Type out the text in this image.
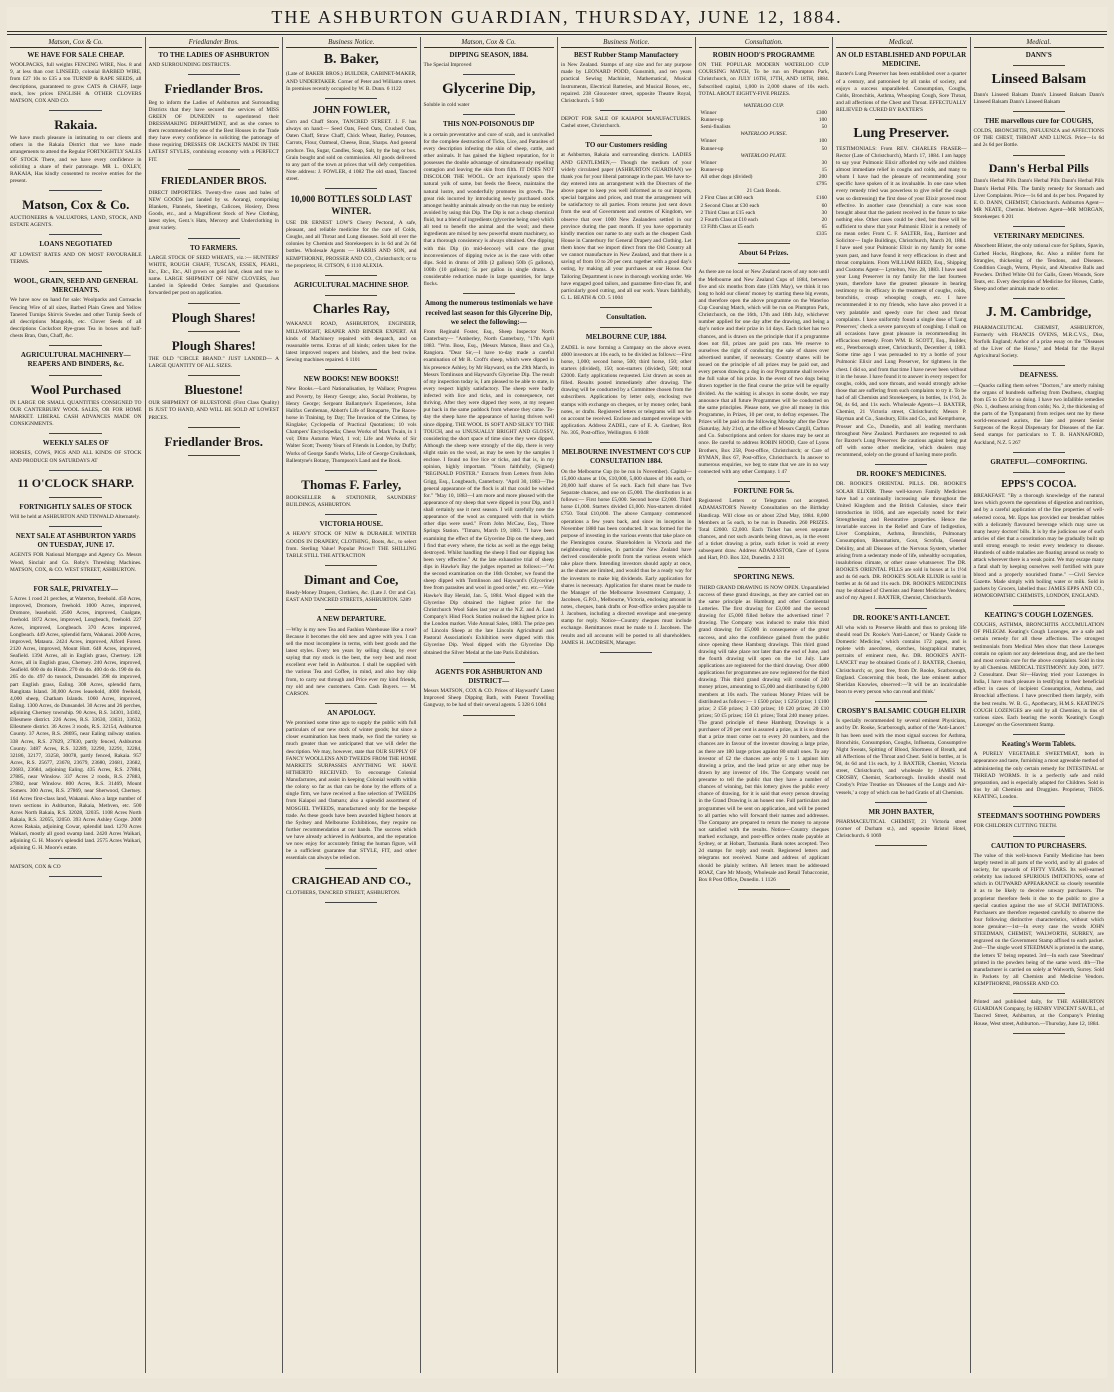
THE ASHBURTON GUARDIAN, THURSDAY, JUNE 12, 1884.
Matson, Cox & Co.
WE HAVE FOR SALE CHEAP.

WOOLPACKS, full weights FENCING WIRE, Nos. 8 and 9, at less than cost LINSEED, colonial BARBED WIRE, from £27 10s to £35 a ton TURNIP & RAPE SEEDS, all descriptions, guaranteed to grow CATS & CHAFF, large stock, low prices ENGLISH & OTHER CLOVERS MATSON, COX AND CO.

Rakaia.

We have much pleasure in intimating to our clients and others in the Rakaia District that we have made arrangements to attend the Regular FORTNIGHTLY SALES OF STOCK There, and we have every confidence in soliciting a share of their patronage. MR L. OXLEY, RAKAIA, Has kindly consented to receive entries for the present.

Matson, Cox & Co.

AUCTIONEERS & VALUATORS, LAND, STOCK, AND ESTATE AGENTS.

LOANS NEGOTIATED

AT LOWEST RATES AND ON MOST FAVOURABLE TERMS.

WOOL, GRAIN, SEED AND GENERAL MERCHANTS.

We have now on hand for sale: Woolpacks and Cornsacks Fencing Wire of all sizes, Barbed Plain Green and Yellow Tanered Turnips Shirvis Swedes and other Turnip Seeds of all descriptions Mangolds, etc. Clover Seeds of all descriptions Cocksfoot Rye-grass Tea in boxes and half-chests Bran, Oats, Chaff, &c.

AGRICULTURAL MACHINERY— REAPERS AND BINDERS, &c.
Wool Purchased

IN LARGE OR SMALL QUANTITIES CONSIGNED TO OUR CANTERBURY WOOL SALES, OR FOR HOME MARKET. LIBERAL CASH ADVANCES MADE ON CONSIGNMENTS.

WEEKLY SALES OF

HORSES, COWS, PIGS AND ALL KINDS OF STOCK AND PRODUCE ON SATURDAYS AT

11 O'CLOCK SHARP.
FORTNIGHTLY SALES OF STOCK

Will be held at ASHBURTON AND TINWALD Alternately.

NEXT SALE AT ASHBURTON YARDS ON TUESDAY, JUNE 17.

AGENTS FOR National Mortgage and Agency Co. Messrs Wood, Sinclair and Co. Roby's Threshing Machines. MATSON, COX, & CO. WEST STREET, ASHBURTON.

FOR SALE, PRIVATELY—

5 Acres 1 rood 21 perches, at Waterton, freehold. 450 Acres, improved, Dromore, freehold. 1000 Acres, improved, Dromore, leasehold. 2500 Acres, improved, Coalgate, freehold. 1872 Acres, improved, Longbeach, freehold. 227 Acres, improved, Longbeach. 370 Acres improved, Longbeach. 449 Acres, splendid farm, Wakanui. 2000 Acres, improved, Mataura. 2424 Acres, improved, Alford Forest. 2120 Acres, improved, Mount Hutt. 648 Acres, improved, Seafield. 1394 Acres, all in English grass, Chertsey. 128 Acres, all in English grass, Chertsey. 240 Acres, improved, Seafield. 600 do do Hinds. 270 do do. 400 do do. 190 do do. 265 do do. 497 do tussock, Dunsandel. 398 do improved, part English grass, Ealing. 308 Acres, splendid farm, Rangitata Island. 30,000 Acres leasehold, 4000 freehold, 4,000 sheep, Chatham Islands. 1060 Acres, improved, Ealing. 1300 Acres, do Dunsandel. 30 Acres and 26 perches, adjoining Chertsey township. 90 Acres, R.S. 34301, 34302, Ellesmere district. 226 Acres, R.S. 33630, 33631, 33632, Ellesmere district. 36 Acres 3 roods, R.S. 32154, Ashburton County. 37 Acres, R.S. 28695, near Ealing railway station. 338 Acres, R.S. 27829, 27830, partly fenced, Ashburton County. 3487 Acres, R.S. 32289, 32290, 32291, 32284, 32186, 32177, 33258, 30078, partly fenced, Rakaia. 957 Acres, R.S. 25677, 23678, 23679, 23680, 23681, 23682, 23683, 23684, adjoining Ealing. 435 Acres, R.S. 27884, 27885, near Winslow. 337 Acres 2 roods, R.S. 27883, 27882, near Winslow. 800 Acres, R.S. 31469, Mount Somers. 300 Acres, R.S. 27869, near Sherwood, Chertsey. 164 Acres first-class land, Wakanui. Also a large number of town sections in Ashburton, Rakaia, Methven, etc. 500 Acres North Rakaia, R.S. 32028, 32035. 1108 Acres North Rakaia, R.S. 32055, 32050. 393 Acres Ashley Gorge. 2000 Acres Rakaia, adjoining Cowar, splendid land. 1270 Acres Waikari, mostly all good swamp land. 2420 Acres Waikari, adjoining G. H. Moore's splendid land. 2575 Acres Waikari, adjoining G. H. Moore's estate.

MATSON, COX & CO

Friedlander Bros.
TO THE LADIES OF ASHBURTON

AND SURROUNDING DISTRICTS.

Friedlander Bros.

Beg to inform the Ladies of Ashburton and Surrounding Districts that they have secured the services of MISS GREEN OF DUNEDIN to superintend their DRESSMAKING DEPARTMENT, and as she comes to them recommended by one of the Best Houses in the Trade they have every confidence in soliciting the patronage of those requiring DRESSES OR JACKETS MADE IN THE LATEST STYLES, combining economy with a PERFECT FIT.

FRIEDLANDER BROS.

DIRECT IMPORTERS. Twenty-five cases and bales of NEW GOODS just landed by ss. Aorangi, comprising Blankets, Flannels, Sheetings, Calicoes, Hosiery, Dress Goods, etc., and a Magnificent Stock of New Clothing, latest styles, Gent.'s Hats, Mercery and Underclothing in great variety.

TO FARMERS.

LARGE STOCK OF SEED WHEATS, viz.:— HUNTERS' WHITE, ROUGH CHAFF, TUSCAN, ESSEX, PEARL, Etc., Etc., Etc., All grown on gold land, clean and true to name. LARGE SHIPMENT OF NEW CLOVERS, Just Landed in Splendid Order. Samples and Quotations forwarded per post on application.

Plough Shares!
Plough Shares!

THE OLD "CIRCLE BRAND." JUST LANDED— A LARGE QUANTITY OF ALL SIZES.

Bluestone!

OUR SHIPMENT OF BLUESTONE (First Class Quality) IS JUST TO HAND, AND WILL BE SOLD AT LOWEST PRICES.

Friedlander Bros.
Business Notice.
B. Baker,

(Late of BAKER BROS.) BUILDER, CABINET-MAKER, AND UNDERTAKER. Corner of Peter and Williams street. In premises recently occupied by W. B. Dunn. 6 1122

JOHN FOWLER,

Corn and Chaff Store, TANCRED STREET. J. F. has always on hand:— Seed Oats, Feed Oats, Crushed Oats, Oaten Chaff, Straw Chaff, Chick Wheat, Barley, Potatoes, Carrots, Flour, Oatmeal, Cheese, Bran, Sharps. And general produce. Tea, Sugar, Candles, Soap, Salt, by the bag or box. Grain bought and sold on commission. All goods delivered to any part of the town at prices that will defy competition. Note address: J. FOWLER, d 1082 The old stand, Tancred street.

10,000 BOTTLES SOLD LAST WINTER.

USE DR ERNEST LOW'S Cherry Pectoral, A safe, pleasant, and reliable medicine for the cure of Colds, Coughs, and all Throat and Lung diseases. Sold all over the colonies by Chemists and Storekeepers in 1s 6d and 2s 6d bottles. Wholesale Agents — HARRIS AND SON, and KEMPTHORNE, PROSSER AND CO., Christchurch; or to the proprietor, H. CITSON, 6 1110 ALEXIA.

AGRICULTURAL MACHINE SHOP.
Charles Ray,

WAKANUI ROAD, ASHBURTON, ENGINEER, MILLWRIGHT, REAPER AND BINDER EXPERT. All kinds of Machinery repaired with despatch, and on reasonable terms. Extras of all kinds; orders taken for the latest improved reapers and binders, and the best twine. Sewing machines repaired. 6 1101

NEW BOOKS! NEW BOOKS!!

New Books.—Lord Nationalisation, by Wallace; Progress and Poverty, by Henry George; also, Social Problems, by Henry George; Sergeant Ballantyne's Experiences, John Halifax Gentleman, Abbott's Life of Bonaparte, The Races-horse in Training, by Day; The Invasion of the Crimea, by Kinglake; Cyclopedia of Practical Quotations; 10 vols Champers' Encyclopedia; Chess Works of Mark Twain, in 1 vol; Ditto Autumn Ward, 1 vol; Life and Works of Sir Walter Scott; Twenty Years of Friends in London, by Duffy; Works of George Sand's Works, Life of George Cruikshank, Ballentyne's Botany, Thompson's Land and the Book.

Thomas F. Farley,

BOOKSELLER & STATIONER, SAUNDERS' BUILDINGS, ASHBURTON.

VICTORIA HOUSE.

A HEAVY STOCK OF NEW & DURABLE WINTER GOODS IN DRAPERY, CLOTHING, Boots, &c., to select from. Sterling Value! Popular Prices!! THE SHILLING TABLE STILL THE ATTRACTION

Dimant and Coe,

Ready-Money Drapers, Clothiers, &c. (Late J. Orr and Co). EAST AND TANCRED STREETS, ASHBURTON. 5289

A NEW DEPARTURE.

—Why is my new Tea and Fashion Warehouse like a rose? Because it becomes the old new and agree with you. I can sell the most incomplete in terms, with best goods and the latest styles. Every ten years by selling cheap, by ever saying that my stock is the best, the very best and most excellent ever held in Ashburton. I shall be supplied with the various Tea and Coffee, in mind, and also buy ship from, to carry out through and Price ever my kind friends, my old and new customers. Cam. Cash Buyers. — M. CARSON.

AN APOLOGY.

We promised some time ago to supply the public with full particulars of our new stock of winter goods; but since a closer examination has been made, we find the variety so much greater than we anticipated that we will defer the description. We may, however, state that OUR SUPPLY OF FANCY WOOLLENS AND TWEEDS FROM THE HOME MARKETS SURPASSES ANYTHING WE HAVE HITHERTO RECEIVED. To encourage Colonial Manufactures, and assist in keeping Colonial wealth within the colony so far as that can be done by the efforts of a single firm, we have received a fine selection of TWEEDS from Kaiapoi and Oamaru; also a splendid assortment of MOSGIEL TWEEDS, manufactured only for the bespoke trade. As these goods have been awarded highest honors at the Sydney and Melbourne Exhibitions, they require no further recommendation at our hands. The success which we have already achieved in Ashburton, and the reputation we now enjoy for accurately fitting the human figure, will be a sufficient guarantee that STYLE, FIT, and other essentials can always be relied on.

CRAIGHEAD AND CO.,

CLOTHIERS, TANCRED STREET, ASHBURTON.

Matson, Cox & Co.
DIPPING SEASON, 1884.

The Special Improved

Glycerine Dip,

Soluble in cold water

THIS NON-POISONOUS DIP

is a certain preventative and cure of scab, and is unrivalled for the complete destruction of Ticks, Lice, and Parasites of every description infesting the skin of sheep, cattle, and other animals. It has gained the highest reputation, for it possesses the double advantage of simultaneously repelling contagion and leaving the skin from filth. IT DOES NOT DISCOLOR THE WOOL. Or act injuriously upon the natural yolk of same, but feeds the fleece, maintains the natural lustre, and wonderfully promotes its growth. The great risk incurred by introducing newly purchased stock amongst healthy animals already on the run may be entirely avoided by using this Dip. The Dip is not a cheap chemical fluid, but a blend of ingredients (glycerine being one) which all tend to benefit the animal and the wool; and these ingredients are mixed by new powerful steam machinery, so that a thorough consistency is always obtained. One dipping with this Dip (in mid-decoce) will cure the great inconveniences of dipping twice as is the case with other dips. Sold in drums of 20lb (2 gallons) 50lb (5 gallons), 100lb (10 gallons); 5s per gallon in single drums. A considerable reduction made in large quantities, for large flocks.

Among the numerous testimonials we have received last season for this Glycerine Dip, we select the following:—

From Reginald Foster, Esq., Sheep Inspector North Canterbury— "Amberley, North Canterbury, "17th April 1883. "Wm. Boss, Esq., (Messrs Matson, Buss and Co.), Rangiora. "Dear Sir,—I have to-day made a careful examination of Mr R. Croft's sheep, which were dipped in his presence Ashley, by Mr Hayward, on the 29th March, in Messrs Tomlinson and Hayward's Glycerine Dip. The result of my inspection today is, I am pleased to be able to state, in every respect highly satisfactory. The sheep were badly infected with lice and ticks, and in consequence, not thriving. After they were dipped they were, at my request put back in the same paddock from whence they came. To-day the sheep have the appearance of having thriven well since dipping. THE WOOL IS SOFT AND SILKY TO THE TOUCH, and so UNUSUALLY BRIGHT AND GLOSSY, considering the short space of time since they were dipped. Although the sheep were strongly of the dip, there is very slight stain on the wool, as may be seen by the samples I enclose. I found no live lice or ticks, and that is, in my opinion, highly important. "Yours faithfully, (Signed) "REGINALD FOSTER." Extracts from Letters from John Grigg, Esq., Longbeach, Canterbury. "April 30, 1883—The general appearance of the flock is all that could be wished for." "May 10, 1883—I am more and more pleased with the appearance of my sheep that were dipped in your Dip, and I shall certainly use it next season. I will carefully note the appearance of the wool as compared with that in which other dips were used." From John McCaw, Esq., Three Springs Station. "Timaru, March 19, 1883. "I have been examining the effect of the Glycerine Dip on the sheep, and I find that every where, the ticks as well as the eggs being destroyed. Whilst handling the sheep I find our dipping has been very effective." At the late exhaustive trial of sheep dips in Hawke's Bay the judges reported as follows:—"At the second examination on the 16th October, we found the sheep dipped with Tomlinson and Hayward's (Glycerine) free from parasites and wool in good order," etc. etc.—Vide Hawke's Bay Herald, Jan. 5, 1884. Wool dipped with the Glycerine Dip obtained the highest price for the Christchurch Wool Sales last year at the N.Z. and A. Land Company's Hind Flock Station realised the highest price in the London market. Vide Annual Sales, 1883. The prize pen of Lincoln Sheep at the late Lincoln Agricultural and Pastoral Association's Exhibition were dipped with this Glycerine Dip. Wool dipped with the Glycerine Dip obtained the Silver Medal at the late Paris Exhibition.

AGENTS FOR ASHBURTON AND DISTRICT—

Messrs MATSON, COX & CO. Prices of Hayward's' Latest Improved Sheep Dipping Bath, with Patent Travelling Gangway, to be had of their several agents. 5 328 6 1084

Business Notice.
BEST Rubber Stamp Manufactory

in New Zealand. Stamps of any size and for any purpose made by LEONARD PODD, Gunsmith, and ten years practical Sewing Machinist, Mathematical, Musical Instruments, Electrical Batteries, and Musical Boxes, etc., repaired. 238 Gloucester street, opposite Theatre Royal, Christchurch. 5 940

DEPOT FOR SALE OF KAIAPOI MANUFACTURES. Cashel street, Christchurch.

TO our Customers residing

at Ashburton, Rakaia and surrounding districts. LADIES AND GENTLEMEN,— Though the medium of your widely circulated paper (ASHBURTON GUARDIAN) we thank you for your liberal patronage in the past. We have to-day entered into an arrangement with the Directors of the above paper to keep you well informed as to our imports, special bargains and prices, and trust the arrangement will be satisfactory to all parties. From returns just sent down from the seat of Government and centres of Kingdom, we observe that over 1000 New Zealanders settled in our province during the past month. If you have opportunity kindly mention our name to any such as the cheapest Cash House in Canterbury for General Drapery and Clothing. Let them know that we import direct from the Old Country all we cannot manufacture in New Zealand, and that there is a saving of from 10 to 20 per cent. together with a good day's outing, by making all your purchases at our House. Our Tailoring Department is now in thorough working order. We have engaged good tailors, and guarantee first-class fit, and particularly good cutting, and all our work. Yours faithfully, G. L. BEATH & CO. 5 1004

Consultation.
MELBOURNE CUP, 1884.

ZADEL is now forming a Company on the above event. 4000 investors at 10s each, to be divided as follows:—First horse, 1,000; second horse, 500; third horse, 150; other starters (divided), 150; non-starters (divided), 500; total £2000. Early applications requested. List drawn as soon as filled. Results posted immediately after drawing. The drawing will be conducted by a Committee chosen from the subscribers. Applications by letter only, enclosing two stamps with exchange on cheques, or by money order, bank notes, or drafts. Registered letters or telegrams will not be on account be received. Enclose and stamped envelope with application. Address ZADEL, care of E. A. Gardner, Box No. 305, Post-office, Wellington. 6 1048

MELBOURNE INVESTMENT CO'S CUP CONSULTATION 1884.

On the Melbourne Cup (to be run in November). Capital—15,000 shares at 10s, £10,000, 5,000 shares of 10s each, or 20,000 half shares of 5s each. Each full share has Two Separate chances, and one on £5,000. The distribution is as follows:— First horse £5,000. Second horse £2,000. Third horse £1,000. Starters divided £1,000. Non-starters divided £750. Total £10,000. The above Company commenced operations a few years back, and since its inception in November 1880 has been conducted. It was formed for the purpose of investing in the various events that take place on the Flemington course. Shareholders in Victoria and the neighbouring colonies, in particular New Zealand have derived considerable profit from the various events which take place there. Intending investors should apply at once, as the shares are limited, and would thus be a ready way for the investors to make big dividends. Early application for shares is necessary. Application for shares must be made to the Manager of the Melbourne Investment Company, J. Jacobsen, G.P.O., Melbourne, Victoria, enclosing amount in notes, cheques, bank drafts or Post-office orders payable to J. Jacobsen, including a directed envelope and one-penny stamp for reply. Notice—Country cheques must include exchange. Remittances must be made to J. Jacobsen. The results and all accounts will be posted to all shareholders. JAMES H. JACOBSEN, Manager.

Consultation.
ROBIN HOOD'S PROGRAMME

ON THE POPULAR MODERN WATERLOO CUP COURSING MATCH, To be run on Plumpton Park, Christchurch, on JULY 16TH, 17TH, AND 18TH, 1884. Subscribed capital, 1,000 in 2,000 shares of 10s each. TOTAL ABOUT EIGHTY-FIVE PRIZES.

WATERLOO CUP.	
Winner	£300
Runner-up	100
Semi-finalists	50
WATERLOO PURSE.	
Winner	100
Runner-up	50
WATERLOO PLATE.	
Winner	30
Runner-up	15
All other dogs (divided)	200
	£795
21 Cash Bonds.	
2 First Class at £80 each	£160
2 Second Class at £30 each	60
2 Third Class at £15 each	30
2 Fourth Class at £10 each	20
13 Fifth Class at £5 each	65
	£335
About 64 Prizes.

As there are no local or New Zealand races of any note until the Melbourne and New Zealand Cups of 1884, between five and six months from date (13th May), we think it too long to hold our clients' money by starting these big events, and therefore open the above programme on the Waterloo Cup Coursing Match, which will be run on Plumpton Park, Christchurch, on the 16th, 17th and 18th July, whichever number applied for one day after the drawing, and being a day's notice and their prize in 14 days. Each ticket has two chances, and is drawn on the principle that if a programme does not fill, prizes are paid pro rata. We reserve to ourselves the right of conducting the sale of shares over advertised number, if necessary. Country shares will be issued on the principle of all prizes may be paid out, and every person drawing a dog in our Programme shall receive the full value of his prize. In the event of two dogs being drawn together in the final course the prize will be equally divided. As the waiting is always in some doubt, we may announce that all future Programmes will be conducted on the same principles. Please note, we give all money in this Programme, in Prizes, 10 per cent, to defray expenses. The Prizes will be paid on the following Monday after the Draw (Saturday, July 21st), at the office of Messrs Cargill, Carlton and Co. Subscriptions and orders for shares may be sent at once. Be careful to address ROBIN HOOD, Care of Lyons Brothers, Box 258, Post-office, Christchurch; or Care of BYMAN, Box 67, Post-office, Christchurch. In answer to numerous enquiries, we beg to state that we are in no way connected with any other Company. 1 47

FORTUNE FOR 5s.

Registered Letters or Telegrams not accepted. ADAMASTOR'S Novelty Consultation on the Birthday Handicap. Will close on or about 22nd May, 1884. 8,000 Members at 5s each, to be run in Dunedin. 260 PRIZES. Total £2000. £2,000. Each Ticket has seven separate chances, and not such awards being drawn, as, in the event of a ticket drawing a prize, such ticket is void at every subsequent draw. Address ADAMASTOR, Care of Lyons and Hart, P.O. Box 324, Dunedin. 2 331

SPORTING NEWS.

THIRD GRAND DRAWING IS NOW OPEN. Unparalleled success of these grand drawings, as they are carried out on the same principle as Hamburg and other Continental Lotteries. The first drawing for £3,000 and the second drawing for £5,000 filled before the advertised time! 7 drawing. The Company was induced to make this third grand drawing for £5,000 in consequence of the great success, and also the confidence gained from the public since opening these Hamburg drawings. This third grand drawing will take place not later than the end of June, and the fourth drawing will open on the 1st July. Late applications are registered for the third drawing. Over 4000 applications for programmes are now registered for the third drawing. This third grand drawing will consist of 240 money prizes, amounting to £5,000 and distributed by 6,000 members at 10s each. The various Money Prizes will be distributed as follows:— 1 £500 prize; 1 £250 prize; 1 £100 prize; 2 £50 prizes; 3 £30 prizes; 10 £20 prizes; 20 £10 prizes; 50 £5 prizes; 150 £1 prizes; Total 240 money prizes. The grand principle of these Hamburg Drawings is a purchaser of 20 per cent is assured a prize, as it is so drawn that a prize must come out to every 20 numbers, and the chances are in favour of the investor drawing a large prize, as there are 180 large prizes against 80 small ones. To any investor of £2 the chances are only 5 to 1 against him drawing a prize, and the lead prize or any other may be drawn by any investor of 10s. The Company would not presume to tell the public that they have a number of chances of winning, but this lottery gives the public every chance of drawing, for it is said that every person drawing in the Grand Drawing is an honest one. Full particulars and programmes will be sent on application, and will be posted to all parties who will forward their names and addresses. The Company are prepared to return the money to anyone not satisfied with the results. Notice—Country cheques marked exchange, and post-office orders made payable at Sydney, or at Hobart, Tasmania. Bank notes accepted. Two 2d stamps for reply and result. Registered letters and telegrams not received. Name and address of applicant should be plainly written. All letters must be addressed ROAZ, Care Mr Moody, Wholesale and Retail Tobacconist, Box 8 Post Office, Dunedin. 1 1126

Medical.
AN OLD ESTABLISHED AND POPULAR MEDICINE.

Baxter's Lung Preserver has been established over a quarter of a century, and patronised by all ranks of society, and enjoys a success unparalleled. Consumption, Coughs, Colds, Bronchitis, Asthma, Whooping Cough, Sore Throat, and all affections of the Chest and Throat. EFFECTUALLY RELIEVED & CURED BY BAXTER'S

Lung Preserver.

TESTIMONIALS: From REV. CHARLES FRASER—Rector (Late of Christchurch), March 17, 1884. I am happy to say your Pulmonic Elixir afforded my wife and children almost immediate relief in coughs and colds, and many to whom I have had the pleasure of recommending your specific have spoken of it as invaluable. In one case when every remedy tried was powerless to give relief the cough was so distressing) the first dose of your Elixir proved most effective. In another case (bronchial) a cure was soon brought about that the patient received in the future to take nothing else. Other cases could be cited, but these will be sufficient to show that your Pulmonic Elixir is a remedy of no mean order. From C. F. SALTER, Esq., Barrister and Solicitor— Ingle Buildings, Christchurch, March 20, 1884. I have used your Pulmonic Elixir in my family for some years past, and have found it very efficacious in chest and throat complaints. From WILLIAM REED, Esq., Shipping and Customs Agent— Lyttelton, Nov. 28, 1883. I have used your Lung Preserver in my family for the last fourteen years, therefore have the greatest pleasure in bearing testimony to its efficacy in the treatment of coughs, colds, bronchitis, croup whooping cough, etc. I have recommended it to my friends, who have also proved it a very palatable and speedy cure for chest and throat complaints. I have uniformly found a single dose of 'Lung Preserver,' check a severe paroxysm of coughing. I shall on all occasions have great pleasure in recommending its efficacious remedy. From WM. B. SCOTT, Esq., Builder, etc., Peterborough street, Christchurch, December 4, 1883. Some time ago I was persuaded to try a bottle of your Pulmonic Elixir and Lung Preserver, for tightness in the chest. I did so, and from that time I have never been without it in the house. I have found it to answer in every respect for coughs, colds, and sore throats, and would strongly advise those that are suffering from such complaints to try it. To be had of all Chemists and Storekeepers, in bottles, 1s 1½d, 2s 9d, 4s 6d, and 11s each. Wholesale Agents—J. BAXTER, Chemist, 21 Victoria street, Christchurch; Messrs P. Hayman and Co., Sansbury, Ellis and Co., and Kempthorne, Prosser and Co., Dunedin, and all leading merchants throughout New Zealand. Purchasers are requested to ask for Baxter's Lung Preserver. Be cautious against being put off with some other medicine, which dealers may recommend, solely on the ground of having more profit.

DR. ROOKE'S MEDICINES.

DR. ROOKE'S ORIENTAL PILLS. DR. ROOKE'S SOLAR ELIXIR. These well-known Family Medicines have had a continually increasing sale throughout the United Kingdom and the British Colonies, since their introduction in 1836, and are especially noted for their Strengthening and Restorative properties. Hence the invariable success in the Relief and Cure of Indigestion, Liver Complaints, Asthma, Bronchitis, Pulmonary Consumption, Rheumatism, Gout, Scrofula, General Debility, and all Diseases of the Nervous System, whether arising from a sedentary mode of life, unhealthy occupation, insalubrious climate, or other cause whatsoever. The DR. ROOKE'S ORIENTAL PILLS are sold in boxes at 1s 1½d and 4s 6d each. DR. ROOKE'S SOLAR ELIXIR is sold in bottles at 4s 6d and 11s each. DR. ROOKE'S MEDICINES may be obtained of Chemists and Patent Medicine Vendors; and of my Agent J. BAXTER, Chemist, Christchurch.

DR. ROOKE'S ANTI-LANCET.

All who wish to Preserve Health and thus to prolong life should read Dr. Rooke's 'Anti-Lancet,' or 'Handy Guide to Domestic Medicine,' which contains 172 pages, and is replete with anecdotes, sketches, biographical matter, portraits of eminent men, &c. DR. ROOKE'S ANTI-LANCET may be obtained Gratis of J. BAXTER, Chemist, Christchurch; or, post free, from Dr. Rooke, Scarborough, England. Concerning this book, the late eminent author Sheridan Knowles, observed:—'It will be an incalculable boon to every person who can read and think.'

CROSBY'S BALSAMIC COUGH ELIXIR

Is specially recommended by several eminent Physicians, and by Dr. Rooke, Scarborough, author of the 'Anti-Lancet.' It has been used with the most signal success for Asthma, Bronchitis, Consumption, Coughs, Influenza, Consumptive Night Sweats, Spitting of Blood, Shortness of Breath, and all Affections of the Throat and Chest. Sold in bottles, at 1s 9d, 4s 6d and 11s each, by J. BAXTER, Chemist, Victoria street, Christchurch, and wholesale by JAMES M. CROSBY, Chemist, Scarborough. Invalids should read Crosby's Prize Treatise on 'Diseases of the Lungs and Air-vessels,' a copy of which can be had Gratis of all Chemists.

MR JOHN BAXTER,

PHARMACEUTICAL CHEMIST, 21 Victoria street (corner of Durham st.), and opposite Bristol Hotel, Christchurch. 6 1069

Medical.
DANN'S
Linseed Balsam

Dann's Linseed Balsam Dann's Linseed Balsam Dann's Linseed Balsam Dann's Linseed Balsam

THE marvellous cure for COUGHS,

COLDS, BRONCHITIS, INFLUENZA and AFFECTIONS OF THE CHEST, THROAT AND LUNGS. Price—1s 6d and 2s 6d per Bottle.

Dann's Herbal Pills

Dann's Herbal Pills Dann's Herbal Pills Dann's Herbal Pills Dann's Herbal Pills. The family remedy for Stomach and Liver Complaints. Price—1s 6d and 4s per box. Prepared by E. O. DANN, CHEMIST, Christchurch. Ashburton Agent—MR NEATE, Chemist. Methven Agent—MR MORGAN, Storekeeper. 6 201

VETERINARY MEDICINES.

Absorbent Blister, the only rational cure for Splints, Spavin, Curbed Hocks, Ringbone, &c. Also a milder form for Strangles, thickening of the Tendons, and Diseases. Condition Cough, Worm, Physic, and Alterative Balls and Powders. Drifted White Oil for Galls, Green Wounds, Sore Teats, etc. Every description of Medicine for Horses, Cattle, Sheep and other animals made to order.

J. M. Cambridge,

PHARMACEUTICAL CHEMIST, ASHBURTON, Formerly with FRANCIS OVENS, M.R.C.V.S., Diss, Norfolk England; Author of a prize essay on the "Diseases of the Liver of the Horse," and Medal for the Royal Agricultural Society.

DEAFNESS.

—Quacks calling them selves "Doctors," are utterly ruining the organs of hundreds suffering from Deafness, charging from £5 to £20 for so doing. I have two infallible remedies (No. 1, deafness arising from colds; No. 2, the thickening of the parts of the Tympanum) from recipes sent me by these world-renowned aurists, the late and present Senior Surgeons of the Royal Dispensary for Diseases of the Ear. Send stamps for particulars to T. B. HANNAFORD, Auckland, N.Z. 5 267

GRATEFUL—COMFORTING.
EPPS'S COCOA.

BREAKFAST. "By a thorough knowledge of the natural laws which govern the operations of digestion and nutrition, and by a careful application of the fine properties of well-selected cocoa, Mr. Epps has provided our breakfast tables with a delicately flavoured beverage which may save us many heavy doctors' bills. It is by the judicious use of such articles of diet that a constitution may be gradually built up until strong enough to resist every tendency to disease. Hundreds of subtle maladies are floating around us ready to attack wherever there is a weak point. We may escape many a fatal shaft by keeping ourselves well fortified with pure blood and a properly nourished frame." —Civil Service Gazette. Made simply with boiling water or milk. Sold in packets by Grocers, labelled thus: JAMES EPPS AND CO., HOMOEOPATHIC CHEMISTS, LONDON, ENGLAND.

KEATING'S COUGH LOZENGES.

COUGHS, ASTHMA, BRONCHITIS ACCUMULATION OF PHLEGM. Keating's Cough Lozenges, are a safe and certain remedy for all these affections. The strongest testimonials from Medical Men show that these Lozenges contain no opium nor any deleterious drug, and are the best and most certain cure for the above complaints. Sold in tins by all Chemists. MEDICAL TESTIMONY. July 20th, 1877. 2 Consultant. Dear Sir—Having tried your Lozenges in India, I have much pleasure in testifying to their beneficial effect in cases of incipient Consumption, Asthma, and Bronchial affections. I have prescribed them largely, with the best results. W. B. G., Apothecary, H.M.S. KEATING'S COUGH LOZENGES are sold by all Chemists, in tins of various sizes. Each bearing the words 'Keating's Cough Lozenges' on the Government Stamp.

Keating's Worm Tablets.

A PURELY VEGETABLE SWEETMEAT, both in appearance and taste, furnishing a most agreeable method of administering the only certain remedy for INTESTINAL or THREAD WORMS. It is a perfectly safe and mild preparation, and is especially adapted for Children. Sold in tins by all Chemists and Druggists. Proprietor, THOS. KEATING, London.

STEEDMAN'S SOOTHING POWDERS

FOR CHILDREN CUTTING TEETH.

CAUTION TO PURCHASERS.

The value of this well-known Family Medicine has been largely tested in all parts of the world, and by all grades of society, for upwards of FIFTY YEARS. Its well-earned celebrity has induced SPURIOUS IMITATIONS, some of which in OUTWARD APPEARANCE so closely resemble it as to be likely to deceive unwary purchasers. The proprietor therefore feels it due to the public to give a special caution against the use of SUCH IMITATIONS. Purchasers are therefore requested carefully to observe the four following distinctive characteristics, without which none genuine:—1st—In every case the words JOHN STEEDMAN, CHEMIST, WALWORTH, SURREY, are engraved on the Government Stamp affixed to each packet. 2nd—The single word STEEDMAN is printed in the stamp, the letters 'E' being repeated. 3rd—In each case 'Steedman' printed in the powders being of the same word. 4th—The manufacturer is carried on solely at Walworth, Surrey. Sold in Packets by all Chemists and Medicine Vendors. KEMPTHORNE, PROSSER AND CO.

Printed and published daily, for THE ASHBURTON GUARDIAN Company, by HENRY VINCENT SAVILL, of Tancred Street, Ashburton, at the Company's Printing House, West street, Ashburton.—Thursday, June 12, 1884.
